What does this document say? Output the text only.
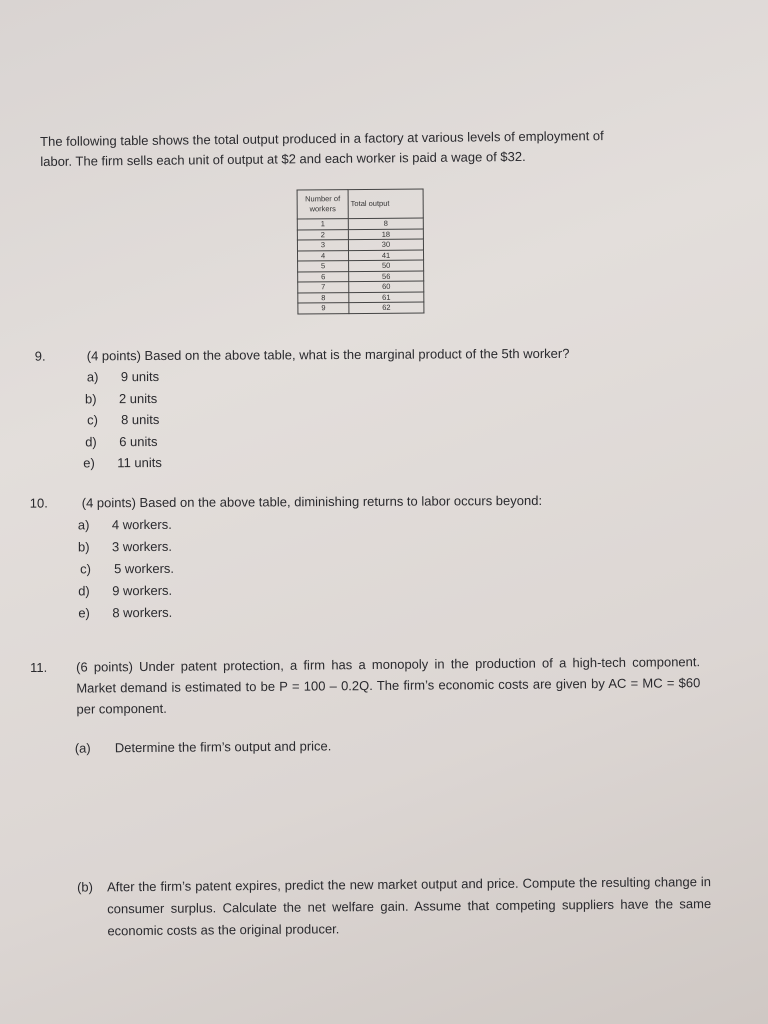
The following table shows the total output produced in a factory at various levels of employment of

labor. The firm sells each unit of output at $2 and each worker is paid a wage of $32.

Number of workers	Total output
1	8
2	18
3	30
4	41
5	50
6	56
7	60
8	61
9	62
9.	(4 points) Based on the above table, what is the marginal product of the 5th worker?
a) 9 units
b) 2 units
c) 8 units
d) 6 units
e) 11 units
10.	(4 points) Based on the above table, diminishing returns to labor occurs beyond:
a) 4 workers.
b) 3 workers.
c) 5 workers.
d) 9 workers.
e) 8 workers.
11. (6 points) Under patent protection, a firm has a monopoly in the production of a high-tech component. Market demand is estimated to be P = 100 – 0.2Q. The firm’s economic costs are given by AC = MC = $60 per component.
(a) Determine the firm’s output and price.
(b) After the firm’s patent expires, predict the new market output and price. Compute the resulting change in consumer surplus. Calculate the net welfare gain. Assume that competing suppliers have the same economic costs as the original producer.
